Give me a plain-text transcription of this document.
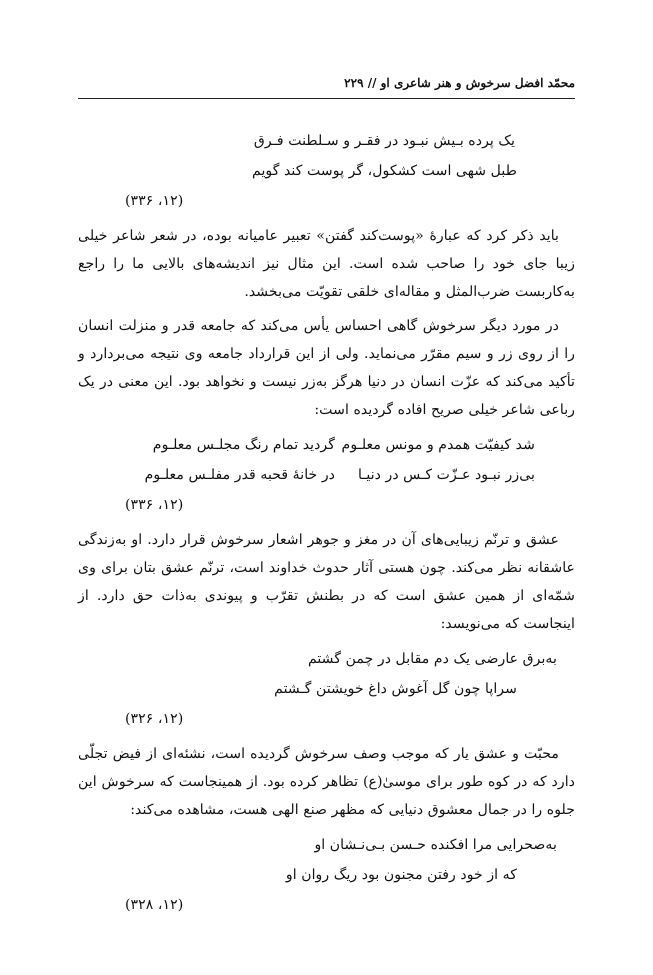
محمّد افضل سرخوش و هنر شاعری او // ۲۲۹
یک پرده بـیش نبـود در فقـر و سـلطنت فـرق
طبل شهی است کشکول، گر پوست کند گویم
(۳۳۶ ،۱۲)

باید ذکر کرد که عبارهٔ «پوست‌کند گفتن» تعبیر عامیانه بوده، در شعر شاعر خیلی زیبا جای خود را صاحب شده است. این مثال نیز اندیشه‌های بالایی ما را راجع به‌کاربست ضرب‌المثل و مقاله‌ای خلقی تقویّت می‌بخشد.

در مورد دیگر سرخوش گاهی احساس یأس می‌کند که جامعه قدر و منزلت انسان را از روی زر و سیم مقرّر می‌نماید. ولی از این قرارداد جامعه وی نتیجه می‌بردارد و تأکید می‌کند که عزّت انسان در دنیا هرگز به‌زر نیست و نخواهد بود. این معنی در یک رباعی شاعر خیلی صریح افاده گردیده است:

شد کیفیّت همدم و مونس معلـوم
گردید تمام رنگ مجلـس معلـوم
بی‌زر نبـود عـزّت کـس در دنیـا
در خانهٔ قحبه قدر مفلـس معلـوم
(۳۳۶ ،۱۲)

عشق و ترنّم زیبایی‌های آن در مغز و جوهر اشعار سرخوش قرار دارد. او به‌زندگی عاشقانه نظر می‌کند. چون هستی آثار حدوث خداوند است، ترنّم عشق بتان برای وی شمّه‌ای از همین عشق است که در بطنش تقرّب و پیوندی به‌ذات حق دارد. از اینجاست که می‌نویسد:

به‌برق عارضی یک دم مقابل در چمن گشتم
سراپا چون گل آغوش داغ خویشتن گـشتم
(۳۲۶ ،۱۲)

محبّت و عشق یار که موجب وصف سرخوش گردیده است، نشئه‌ای از فیض تجلّی دارد که در کوه طور برای موسیٰ(ع) تظاهر کرده بود. از همینجاست که سرخوش این جلوه را در جمال معشوق دنیایی که مظهر صنع الهی هست، مشاهده می‌کند:

به‌صحرایی مرا افکنده حـسن بـی‌نـشان او
که از خود رفتن مجنون بود ریگ روان او
(۳۲۸ ،۱۲)
